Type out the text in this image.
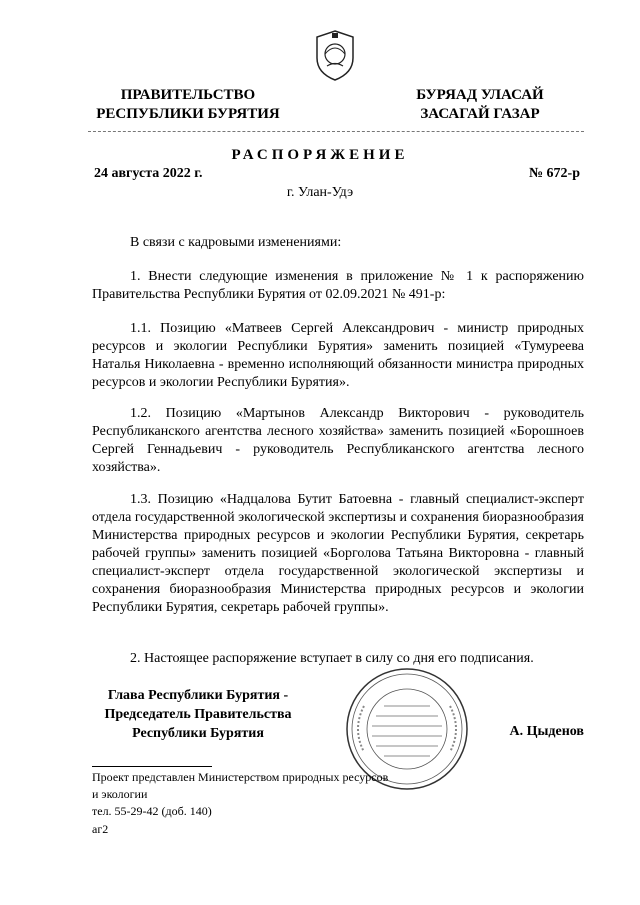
ПРАВИТЕЛЬСТВО
РЕСПУБЛИКИ БУРЯТИЯ
БУРЯАД УЛАСАЙ
ЗАСАГАЙ ГАЗАР
РАСПОРЯЖЕНИЕ
24 августа 2022 г.	№ 672-р
г. Улан-Удэ

В связи с кадровыми изменениями:

1. Внести следующие изменения в приложение № 1 к распоряжению Правительства Республики Бурятия от 02.09.2021 № 491-р:

1.1. Позицию «Матвеев Сергей Александрович - министр природных ресурсов и экологии Республики Бурятия» заменить позицией «Тумуреева Наталья Николаевна - временно исполняющий обязанности министра природных ресурсов и экологии Республики Бурятия».

1.2. Позицию «Мартынов Александр Викторович - руководитель Республиканского агентства лесного хозяйства» заменить позицией «Борошноев Сергей Геннадьевич - руководитель Республиканского агентства лесного хозяйства».

1.3. Позицию «Надцалова Бутит Батоевна - главный специалист-эксперт отдела государственной экологической экспертизы и сохранения биоразнообразия Министерства природных ресурсов и экологии Республики Бурятия, секретарь рабочей группы» заменить позицией «Борголова Татьяна Викторовна - главный специалист-эксперт отдела государственной экологической экспертизы и сохранения биоразнообразия Министерства природных ресурсов и экологии Республики Бурятия, секретарь рабочей группы».

2. Настоящее распоряжение вступает в силу со дня его подписания.

Глава Республики Бурятия -
Председатель Правительства
Республики Бурятия	А. Цыденов
Проект представлен Министерством природных ресурсов
и экологии
тел. 55-29-42 (доб. 140)
аг2
